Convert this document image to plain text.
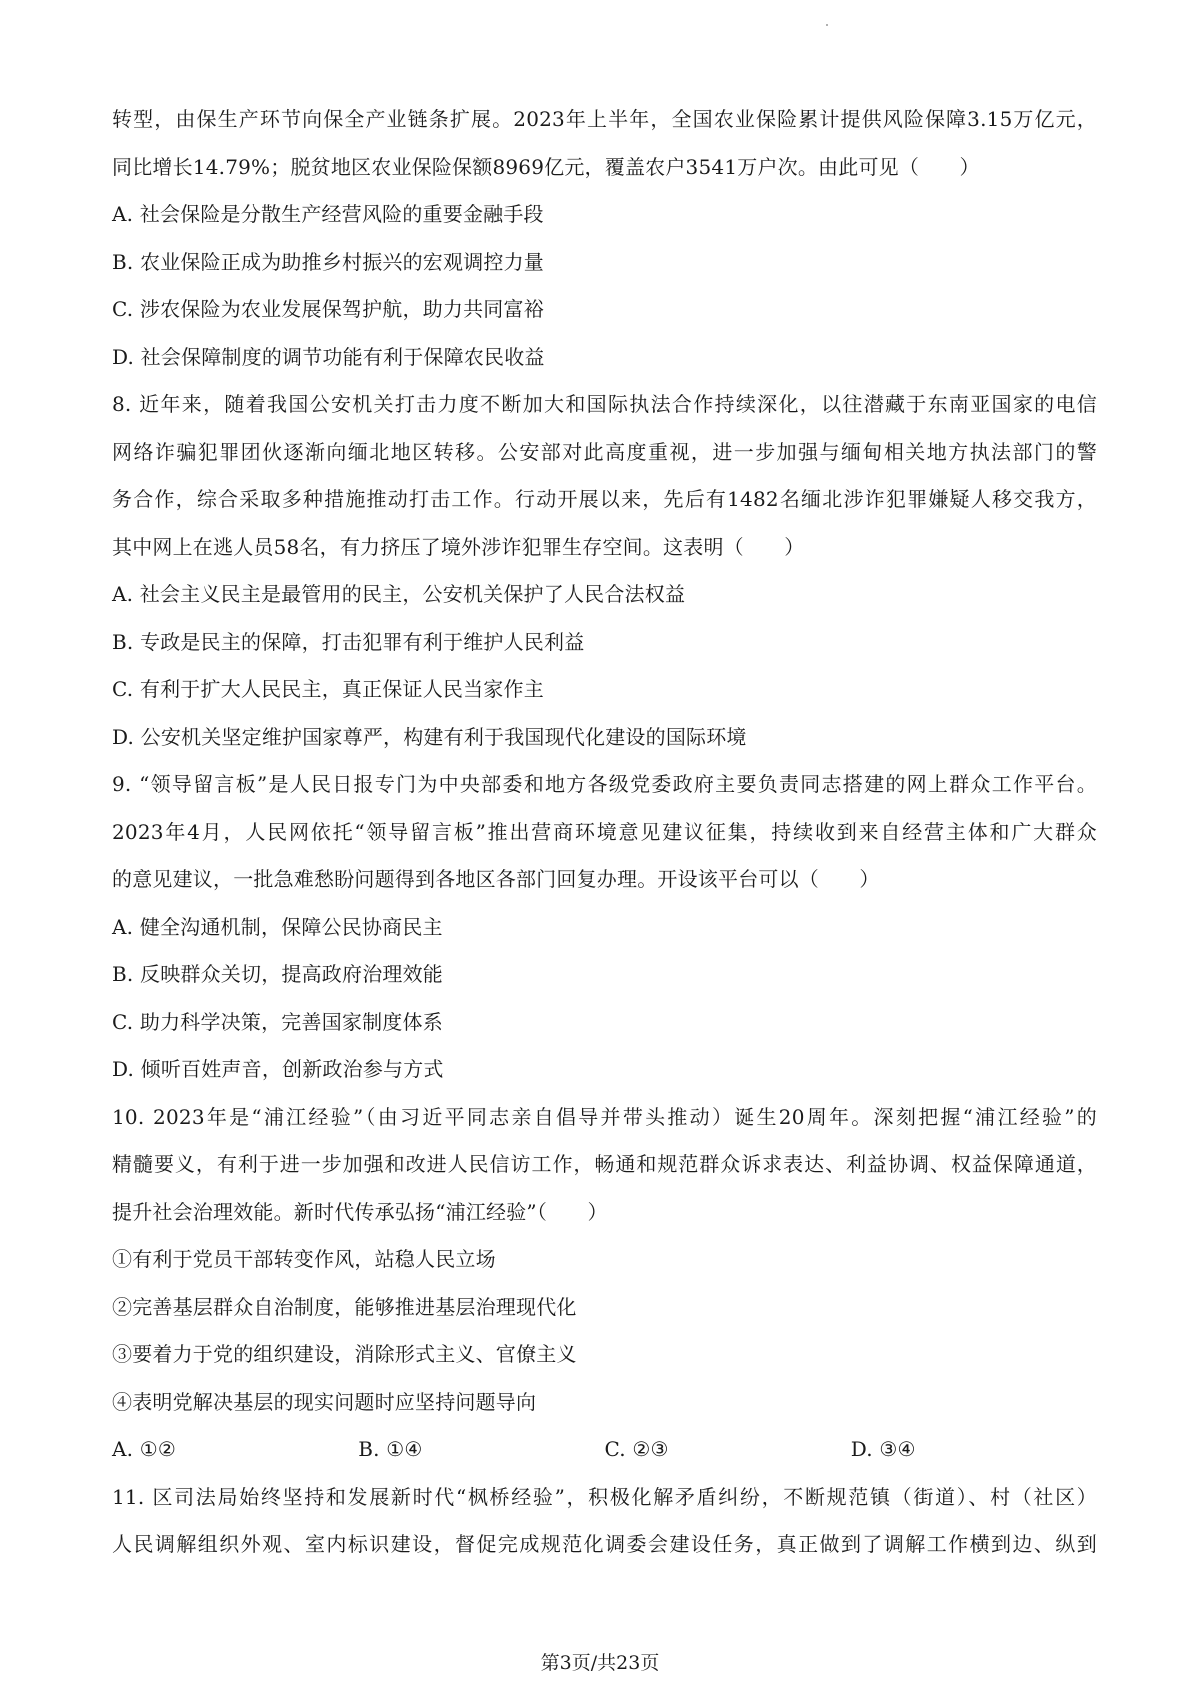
转型，由保生产环节向保全产业链条扩展。2023年上半年，全国农业保险累计提供风险保障3.15万亿元，
同比增长14.79%；脱贫地区农业保险保额8969亿元，覆盖农户3541万户次。由此可见（　　）
A. 社会保险是分散生产经营风险的重要金融手段
B. 农业保险正成为助推乡村振兴的宏观调控力量
C. 涉农保险为农业发展保驾护航，助力共同富裕
D. 社会保障制度的调节功能有利于保障农民收益
8. 近年来，随着我国公安机关打击力度不断加大和国际执法合作持续深化，以往潜藏于东南亚国家的电信
网络诈骗犯罪团伙逐渐向缅北地区转移。公安部对此高度重视，进一步加强与缅甸相关地方执法部门的警
务合作，综合采取多种措施推动打击工作。行动开展以来，先后有1482名缅北涉诈犯罪嫌疑人移交我方，
其中网上在逃人员58名，有力挤压了境外涉诈犯罪生存空间。这表明（　　）
A. 社会主义民主是最管用的民主，公安机关保护了人民合法权益
B. 专政是民主的保障，打击犯罪有利于维护人民利益
C. 有利于扩大人民民主，真正保证人民当家作主
D. 公安机关坚定维护国家尊严，构建有利于我国现代化建设的国际环境
9. “领导留言板”是人民日报专门为中央部委和地方各级党委政府主要负责同志搭建的网上群众工作平台。
2023年4月，人民网依托“领导留言板”推出营商环境意见建议征集，持续收到来自经营主体和广大群众
的意见建议，一批急难愁盼问题得到各地区各部门回复办理。开设该平台可以（　　）
A. 健全沟通机制，保障公民协商民主
B. 反映群众关切，提高政府治理效能
C. 助力科学决策，完善国家制度体系
D. 倾听百姓声音，创新政治参与方式
10. 2023年是“浦江经验”（由习近平同志亲自倡导并带头推动）诞生20周年。深刻把握“浦江经验”的
精髓要义，有利于进一步加强和改进人民信访工作，畅通和规范群众诉求表达、利益协调、权益保障通道，
提升社会治理效能。新时代传承弘扬“浦江经验”（　　）
①有利于党员干部转变作风，站稳人民立场
②完善基层群众自治制度，能够推进基层治理现代化
③要着力于党的组织建设，消除形式主义、官僚主义
④表明党解决基层的现实问题时应坚持问题导向
A. ①②	B. ①④	C. ②③	D. ③④
11. 区司法局始终坚持和发展新时代“枫桥经验”，积极化解矛盾纠纷，不断规范镇（街道）、村（社区）
人民调解组织外观、室内标识建设，督促完成规范化调委会建设任务，真正做到了调解工作横到边、纵到
第3页/共23页
